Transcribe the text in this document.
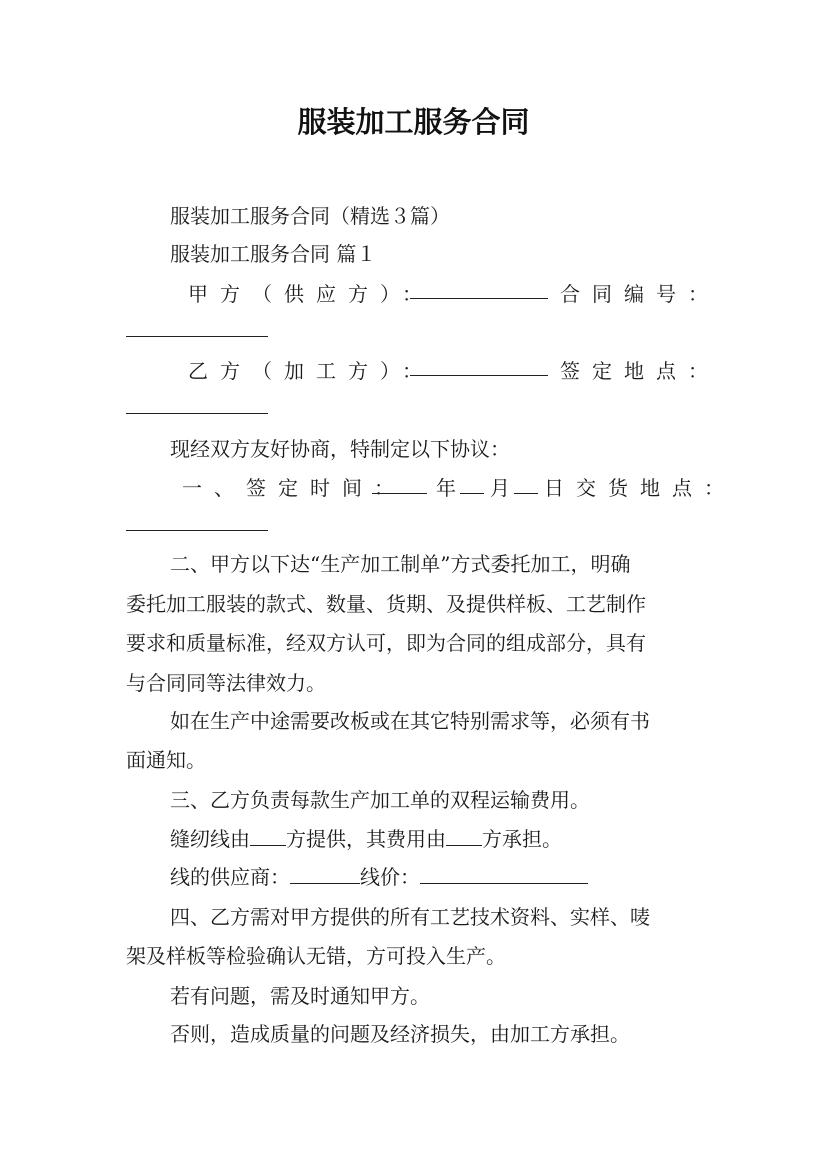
服装加工服务合同
服装加工服务合同（精选３篇）
服装加工服务合同 篇１
甲方（供应方）：	合同编号：
乙方（加工方）：	签定地点：
现经双方友好协商，特制定以下协议：
一、签定时间： 年 月 日交货地点：
二、甲方以下达“生产加工制单”方式委托加工，明确
委托加工服装的款式、数量、货期、及提供样板、工艺制作
要求和质量标准，经双方认可，即为合同的组成部分，具有
与合同同等法律效力。
如在生产中途需要改板或在其它特别需求等，必须有书
面通知。
三、乙方负责每款生产加工单的双程运输费用。
缝纫线由 方提供，其费用由 方承担。
线的供应商：	线价：
四、乙方需对甲方提供的所有工艺技术资料、实样、唛
架及样板等检验确认无错，方可投入生产。
若有问题，需及时通知甲方。
否则，造成质量的问题及经济损失，由加工方承担。
